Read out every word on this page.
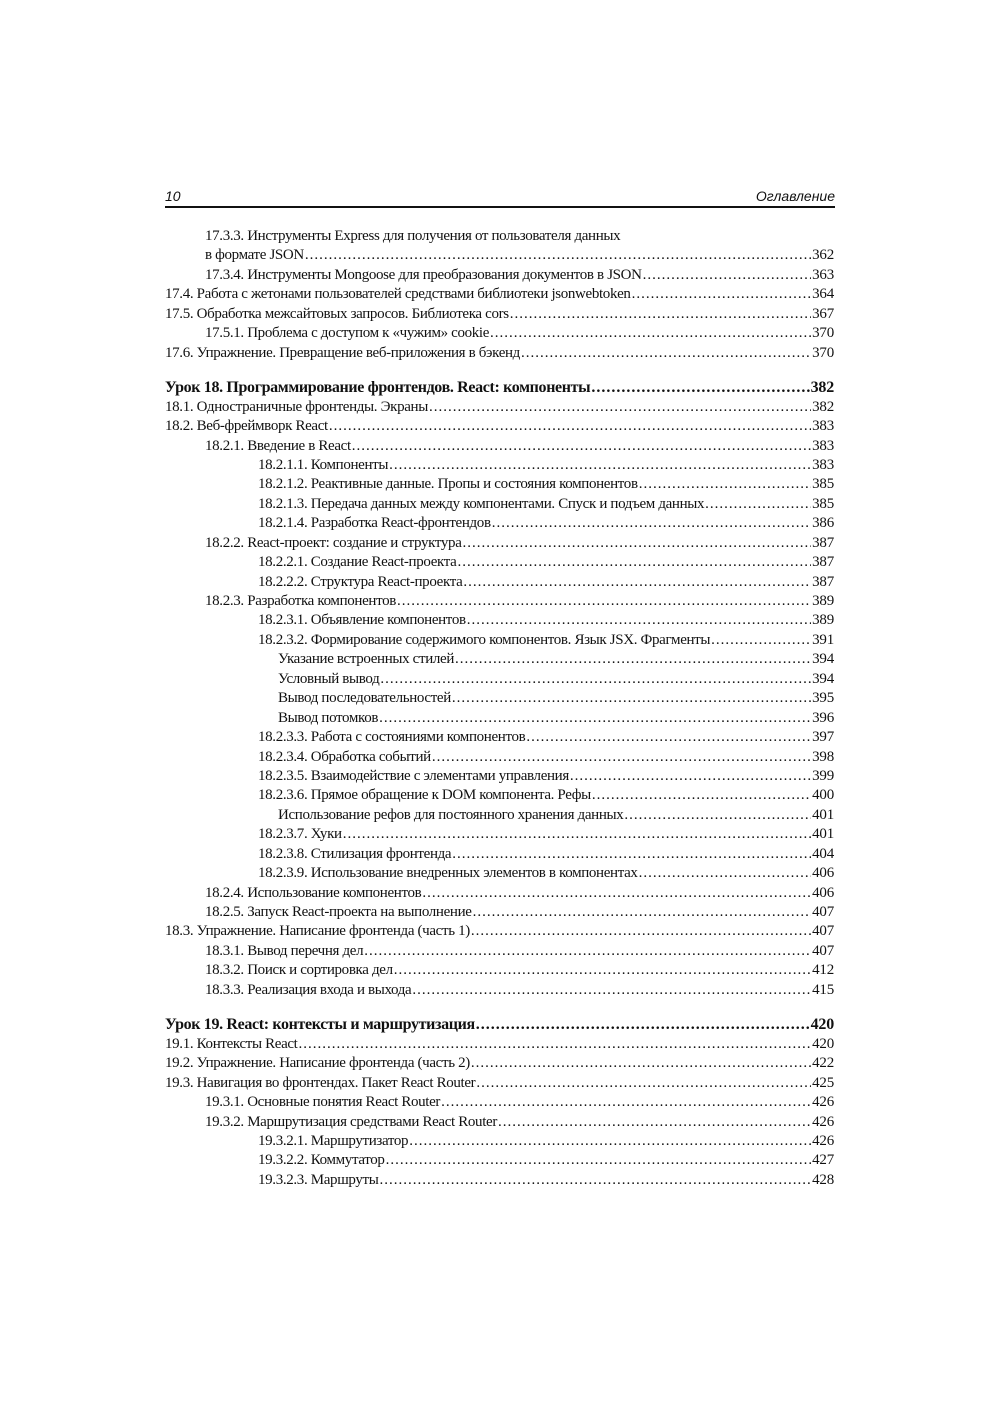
10	Оглавление
17.3.3. Инструменты Express для получения от пользователя данных
в формате JSON .....	362
17.3.4. Инструменты Mongoose для преобразования документов в JSON .....	363
17.4. Работа с жетонами пользователей средствами библиотеки jsonwebtoken .....	364
17.5. Обработка межсайтовых запросов. Библиотека cors .....	367
17.5.1. Проблема с доступом к «чужим» cookie .....	370
17.6. Упражнение. Превращение веб-приложения в бэкенд .....	370
Урок 18. Программирование фронтендов. React: компоненты .....	382
18.1. Одностраничные фронтенды. Экраны .....	382
18.2. Веб-фреймворк React .....	383
18.2.1. Введение в React .....	383
18.2.1.1. Компоненты .....	383
18.2.1.2. Реактивные данные. Пропы и состояния компонентов .....	385
18.2.1.3. Передача данных между компонентами. Спуск и подъем данных .....	385
18.2.1.4. Разработка React-фронтендов .....	386
18.2.2. React-проект: создание и структура .....	387
18.2.2.1. Создание React-проекта .....	387
18.2.2.2. Структура React-проекта .....	387
18.2.3. Разработка компонентов .....	389
18.2.3.1. Объявление компонентов .....	389
18.2.3.2. Формирование содержимого компонентов. Язык JSX. Фрагменты .....	391
Указание встроенных стилей .....	394
Условный вывод .....	394
Вывод последовательностей .....	395
Вывод потомков .....	396
18.2.3.3. Работа с состояниями компонентов .....	397
18.2.3.4. Обработка событий .....	398
18.2.3.5. Взаимодействие с элементами управления .....	399
18.2.3.6. Прямое обращение к DOM компонента. Рефы .....	400
Использование рефов для постоянного хранения данных .....	401
18.2.3.7. Хуки .....	401
18.2.3.8. Стилизация фронтенда .....	404
18.2.3.9. Использование внедренных элементов в компонентах .....	406
18.2.4. Использование компонентов .....	406
18.2.5. Запуск React-проекта на выполнение .....	407
18.3. Упражнение. Написание фронтенда (часть 1) .....	407
18.3.1. Вывод перечня дел .....	407
18.3.2. Поиск и сортировка дел .....	412
18.3.3. Реализация входа и выхода .....	415
Урок 19. React: контексты и маршрутизация .....	420
19.1. Контексты React .....	420
19.2. Упражнение. Написание фронтенда (часть 2) .....	422
19.3. Навигация во фронтендах. Пакет React Router .....	425
19.3.1. Основные понятия React Router .....	426
19.3.2. Маршрутизация средствами React Router .....	426
19.3.2.1. Маршрутизатор .....	426
19.3.2.2. Коммутатор .....	427
19.3.2.3. Маршруты .....	428
